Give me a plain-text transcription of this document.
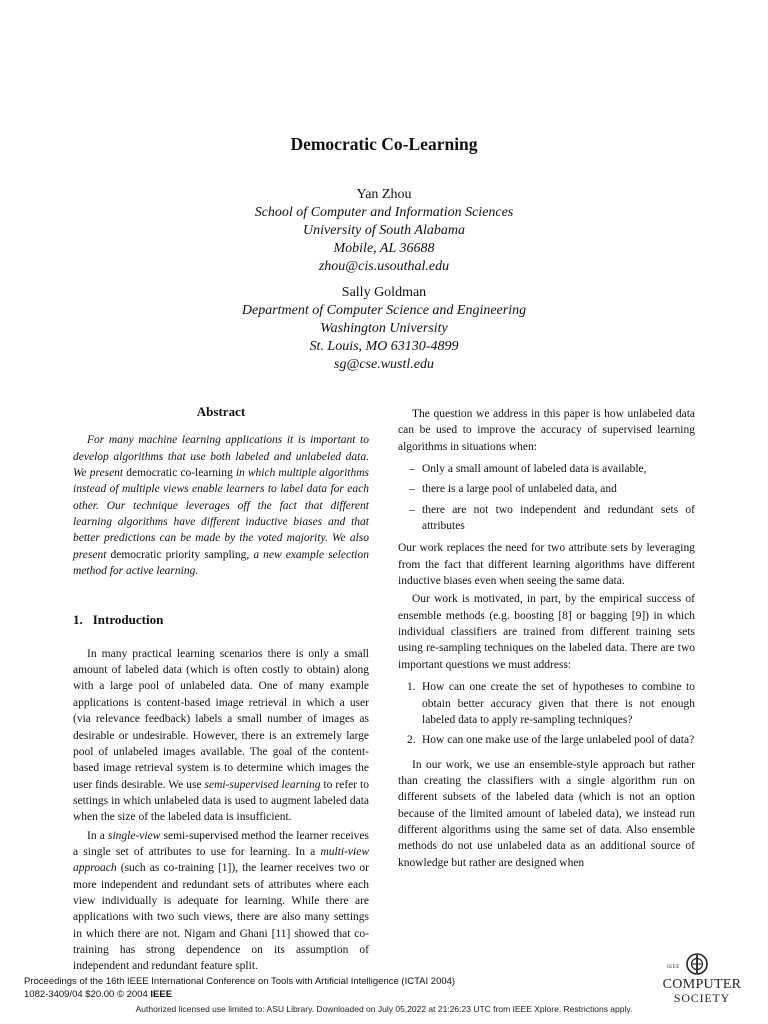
Democratic Co-Learning
Yan Zhou
School of Computer and Information Sciences
University of South Alabama
Mobile, AL 36688
zhou@cis.usouthal.edu
Sally Goldman
Department of Computer Science and Engineering
Washington University
St. Louis, MO 63130-4899
sg@cse.wustl.edu
Abstract

For many machine learning applications it is important to develop algorithms that use both labeled and unlabeled data. We present democratic co-learning in which multiple algorithms instead of multiple views enable learners to label data for each other. Our technique leverages off the fact that different learning algorithms have different inductive biases and that better predictions can be made by the voted majority. We also present democratic priority sampling, a new example selection method for active learning.

1. Introduction

In many practical learning scenarios there is only a small amount of labeled data (which is often costly to obtain) along with a large pool of unlabeled data. One of many example applications is content-based image retrieval in which a user (via relevance feedback) labels a small number of images as desirable or undesirable. However, there is an extremely large pool of unlabeled images available. The goal of the content-based image retrieval system is to determine which images the user finds desirable. We use semi-supervised learning to refer to settings in which unlabeled data is used to augment labeled data when the size of the labeled data is insufficient.

In a single-view semi-supervised method the learner receives a single set of attributes to use for learning. In a multi-view approach (such as co-training [1]), the learner receives two or more independent and redundant sets of attributes where each view individually is adequate for learning. While there are applications with two such views, there are also many settings in which there are not. Nigam and Ghani [11] showed that co-training has strong dependence on its assumption of independent and redundant feature split.

The question we address in this paper is how unlabeled data can be used to improve the accuracy of supervised learning algorithms in situations when:

– Only a small amount of labeled data is available,
– there is a large pool of unlabeled data, and
– there are not two independent and redundant sets of attributes

Our work replaces the need for two attribute sets by leveraging from the fact that different learning algorithms have different inductive biases even when seeing the same data.

Our work is motivated, in part, by the empirical success of ensemble methods (e.g. boosting [8] or bagging [9]) in which individual classifiers are trained from different training sets using re-sampling techniques on the labeled data. There are two important questions we must address:

1. How can one create the set of hypotheses to combine to obtain better accuracy given that there is not enough labeled data to apply re-sampling techniques?
2. How can one make use of the large unlabeled pool of data?

In our work, we use an ensemble-style approach but rather than creating the classifiers with a single algorithm run on different subsets of the labeled data (which is not an option because of the limited amount of labeled data), we instead run different algorithms using the same set of data. Also ensemble methods do not use unlabeled data as an additional source of knowledge but rather are designed when

Proceedings of the 16th IEEE International Conference on Tools with Artificial Intelligence (ICTAI 2004)
1082-3409/04 $20.00 © 2004 IEEE
IEEE
COMPUTER
SOCIETY
Authorized licensed use limited to: ASU Library. Downloaded on July 05,2022 at 21:26:23 UTC from IEEE Xplore. Restrictions apply.
